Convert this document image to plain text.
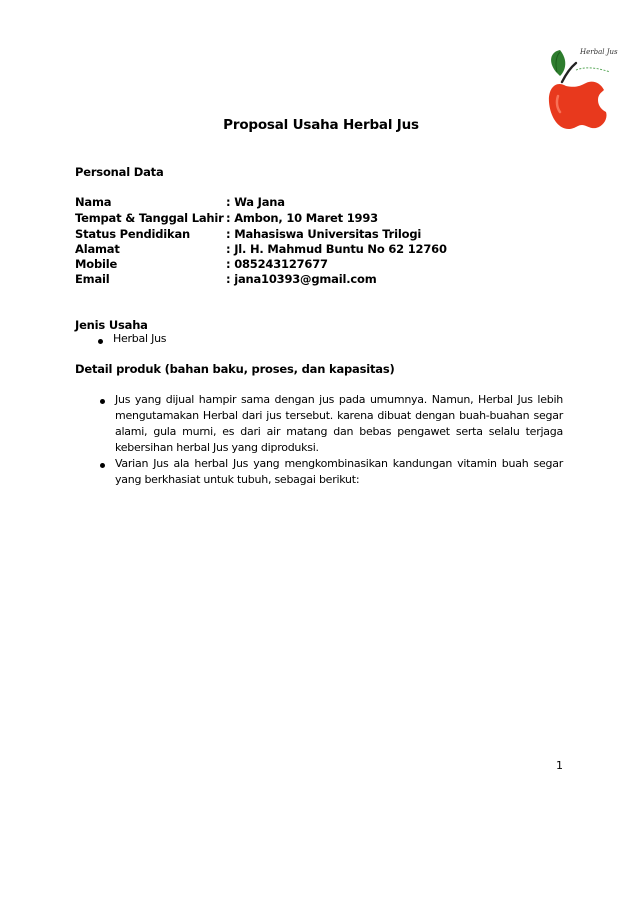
Herbal Jus
Proposal Usaha Herbal Jus
Personal Data
Nama	: Wa Jana
Tempat & Tanggal Lahir : Ambon, 10 Maret 1993
Status Pendidikan	: Mahasiswa Universitas Trilogi
Alamat	: Jl. H. Mahmud Buntu No 62 12760
Mobile	: 085243127677
Email	: jana10393@gmail.com
Jenis Usaha
Herbal Jus
Detail produk (bahan baku, proses, dan kapasitas)
Jus yang dijual hampir sama dengan jus pada umumnya. Namun, Herbal Jus lebih mengutamakan Herbal dari jus tersebut. karena dibuat dengan buah-buahan segar alami, gula murni, es dari air matang dan bebas pengawet serta selalu terjaga kebersihan herbal Jus yang diproduksi.
Varian Jus ala herbal Jus yang mengkombinasikan kandungan vitamin buah segar yang berkhasiat untuk tubuh, sebagai berikut:
1
